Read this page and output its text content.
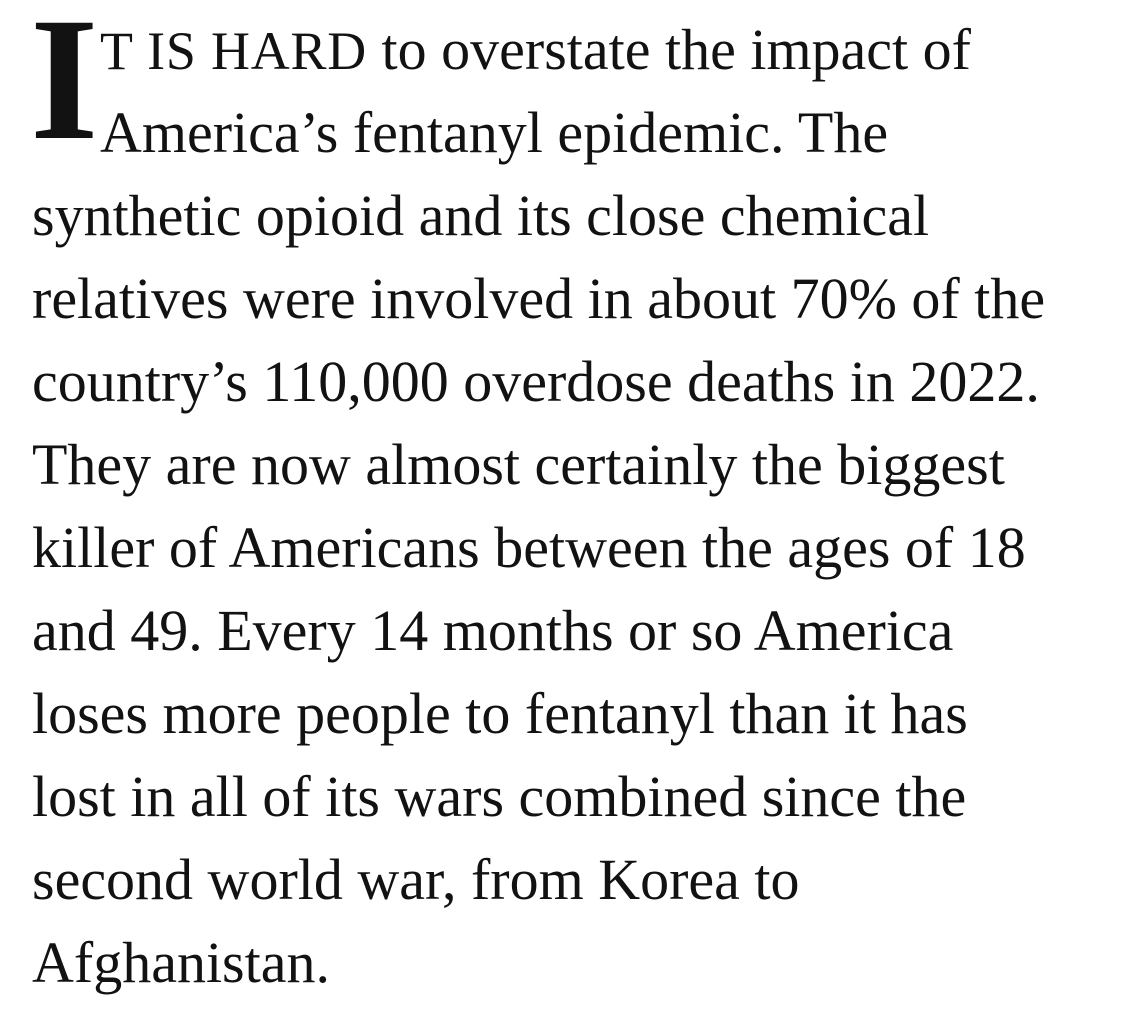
I T IS HARD to overstate the impact of
America’s fentanyl epidemic. The
synthetic opioid and its close chemical
relatives were involved in about 70% of the
country’s 110,000 overdose deaths in 2022.
They are now almost certainly the biggest
killer of Americans between the ages of 18
and 49. Every 14 months or so America
loses more people to fentanyl than it has
lost in all of its wars combined since the
second world war, from Korea to
Afghanistan.
